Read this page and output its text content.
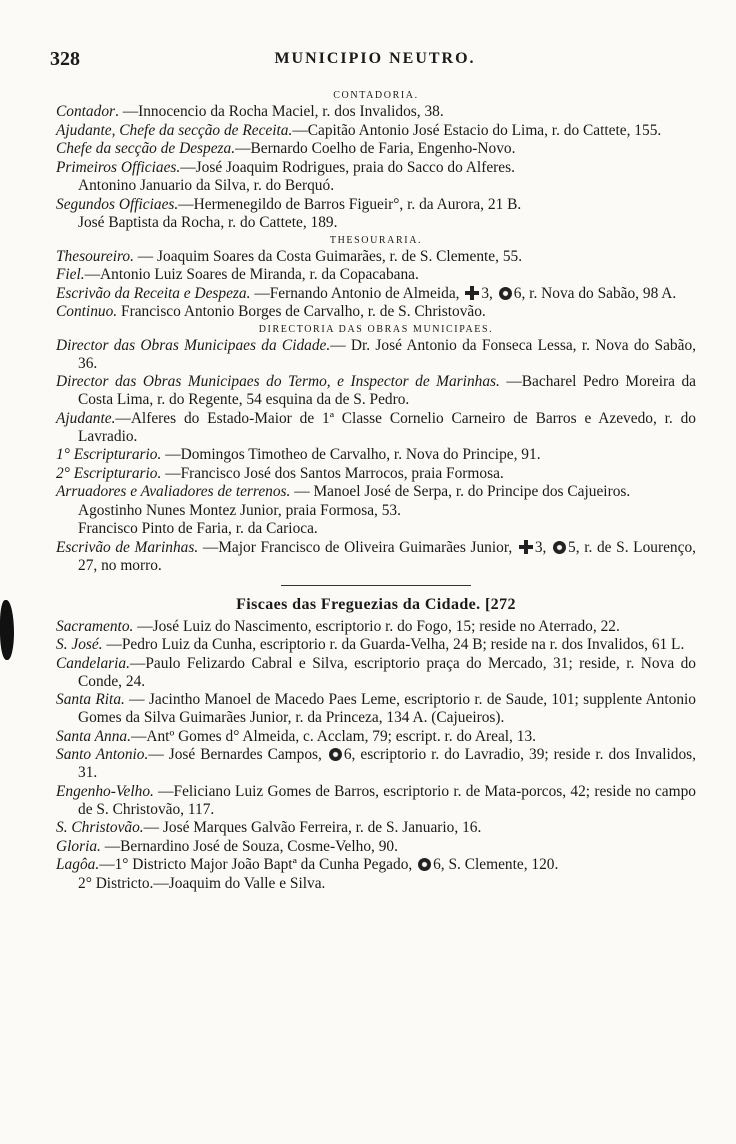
328	MUNICIPIO NEUTRO.
CONTADORIA.

Contador. —Innocencio da Rocha Maciel, r. dos Invalidos, 38.

Ajudante, Chefe da secção de Receita.—Capitão Antonio José Estacio do Lima, r. do Cattete, 155.

Chefe da secção de Despeza.—Bernardo Coelho de Faria, Engenho-Novo.

Primeiros Officiaes.—José Joaquim Rodrigues, praia do Sacco do Alferes.

Antonino Januario da Silva, r. do Berquó.

Segundos Officiaes.—Hermenegildo de Barros Figueir°, r. da Aurora, 21 B.

José Baptista da Rocha, r. do Cattete, 189.

THESOURARIA.

Thesoureiro. — Joaquim Soares da Costa Guimarães, r. de S. Clemente, 55.

Fiel.—Antonio Luiz Soares de Miranda, r. da Copacabana.

Escrivão da Receita e Despeza. —Fernando Antonio de Almeida, 3, 6, r. Nova do Sabão, 98 A.

Continuo. Francisco Antonio Borges de Carvalho, r. de S. Christovão.

DIRECTORIA DAS OBRAS MUNICIPAES.

Director das Obras Municipaes da Cidade.— Dr. José Antonio da Fonseca Lessa, r. Nova do Sabão, 36.

Director das Obras Municipaes do Termo, e Inspector de Marinhas. —Bacharel Pedro Moreira da Costa Lima, r. do Regente, 54 esquina da de S. Pedro.

Ajudante.—Alferes do Estado-Maior de 1ª Classe Cornelio Carneiro de Barros e Azevedo, r. do Lavradio.

1° Escripturario. —Domingos Timotheo de Carvalho, r. Nova do Principe, 91.

2° Escripturario. —Francisco José dos Santos Marrocos, praia Formosa.

Arruadores e Avaliadores de terrenos. — Manoel José de Serpa, r. do Principe dos Cajueiros.

Agostinho Nunes Montez Junior, praia Formosa, 53.

Francisco Pinto de Faria, r. da Carioca.

Escrivão de Marinhas. —Major Francisco de Oliveira Guimarães Junior, 3, 5, r. de S. Lourenço, 27, no morro.

Fiscaes das Freguezias da Cidade. [272

Sacramento. —José Luiz do Nascimento, escriptorio r. do Fogo, 15; reside no Aterrado, 22.

S. José. —Pedro Luiz da Cunha, escriptorio r. da Guarda-Velha, 24 B; reside na r. dos Invalidos, 61 L.

Candelaria.—Paulo Felizardo Cabral e Silva, escriptorio praça do Mercado, 31; reside, r. Nova do Conde, 24.

Santa Rita. — Jacintho Manoel de Macedo Paes Leme, escriptorio r. de Saude, 101; supplente Antonio Gomes da Silva Guimarães Junior, r. da Princeza, 134 A. (Cajueiros).

Santa Anna.—Antº Gomes d° Almeida, c. Acclam, 79; escript. r. do Areal, 13.

Santo Antonio.— José Bernardes Campos, 6, escriptorio r. do Lavradio, 39; reside r. dos Invalidos, 31.

Engenho-Velho. —Feliciano Luiz Gomes de Barros, escriptorio r. de Mata-porcos, 42; reside no campo de S. Christovão, 117.

S. Christovão.— José Marques Galvão Ferreira, r. de S. Januario, 16.

Gloria. —Bernardino José de Souza, Cosme-Velho, 90.

Lagôa.—1° Districto Major João Baptª da Cunha Pegado, 6, S. Clemente, 120.

2° Districto.—Joaquim do Valle e Silva.
